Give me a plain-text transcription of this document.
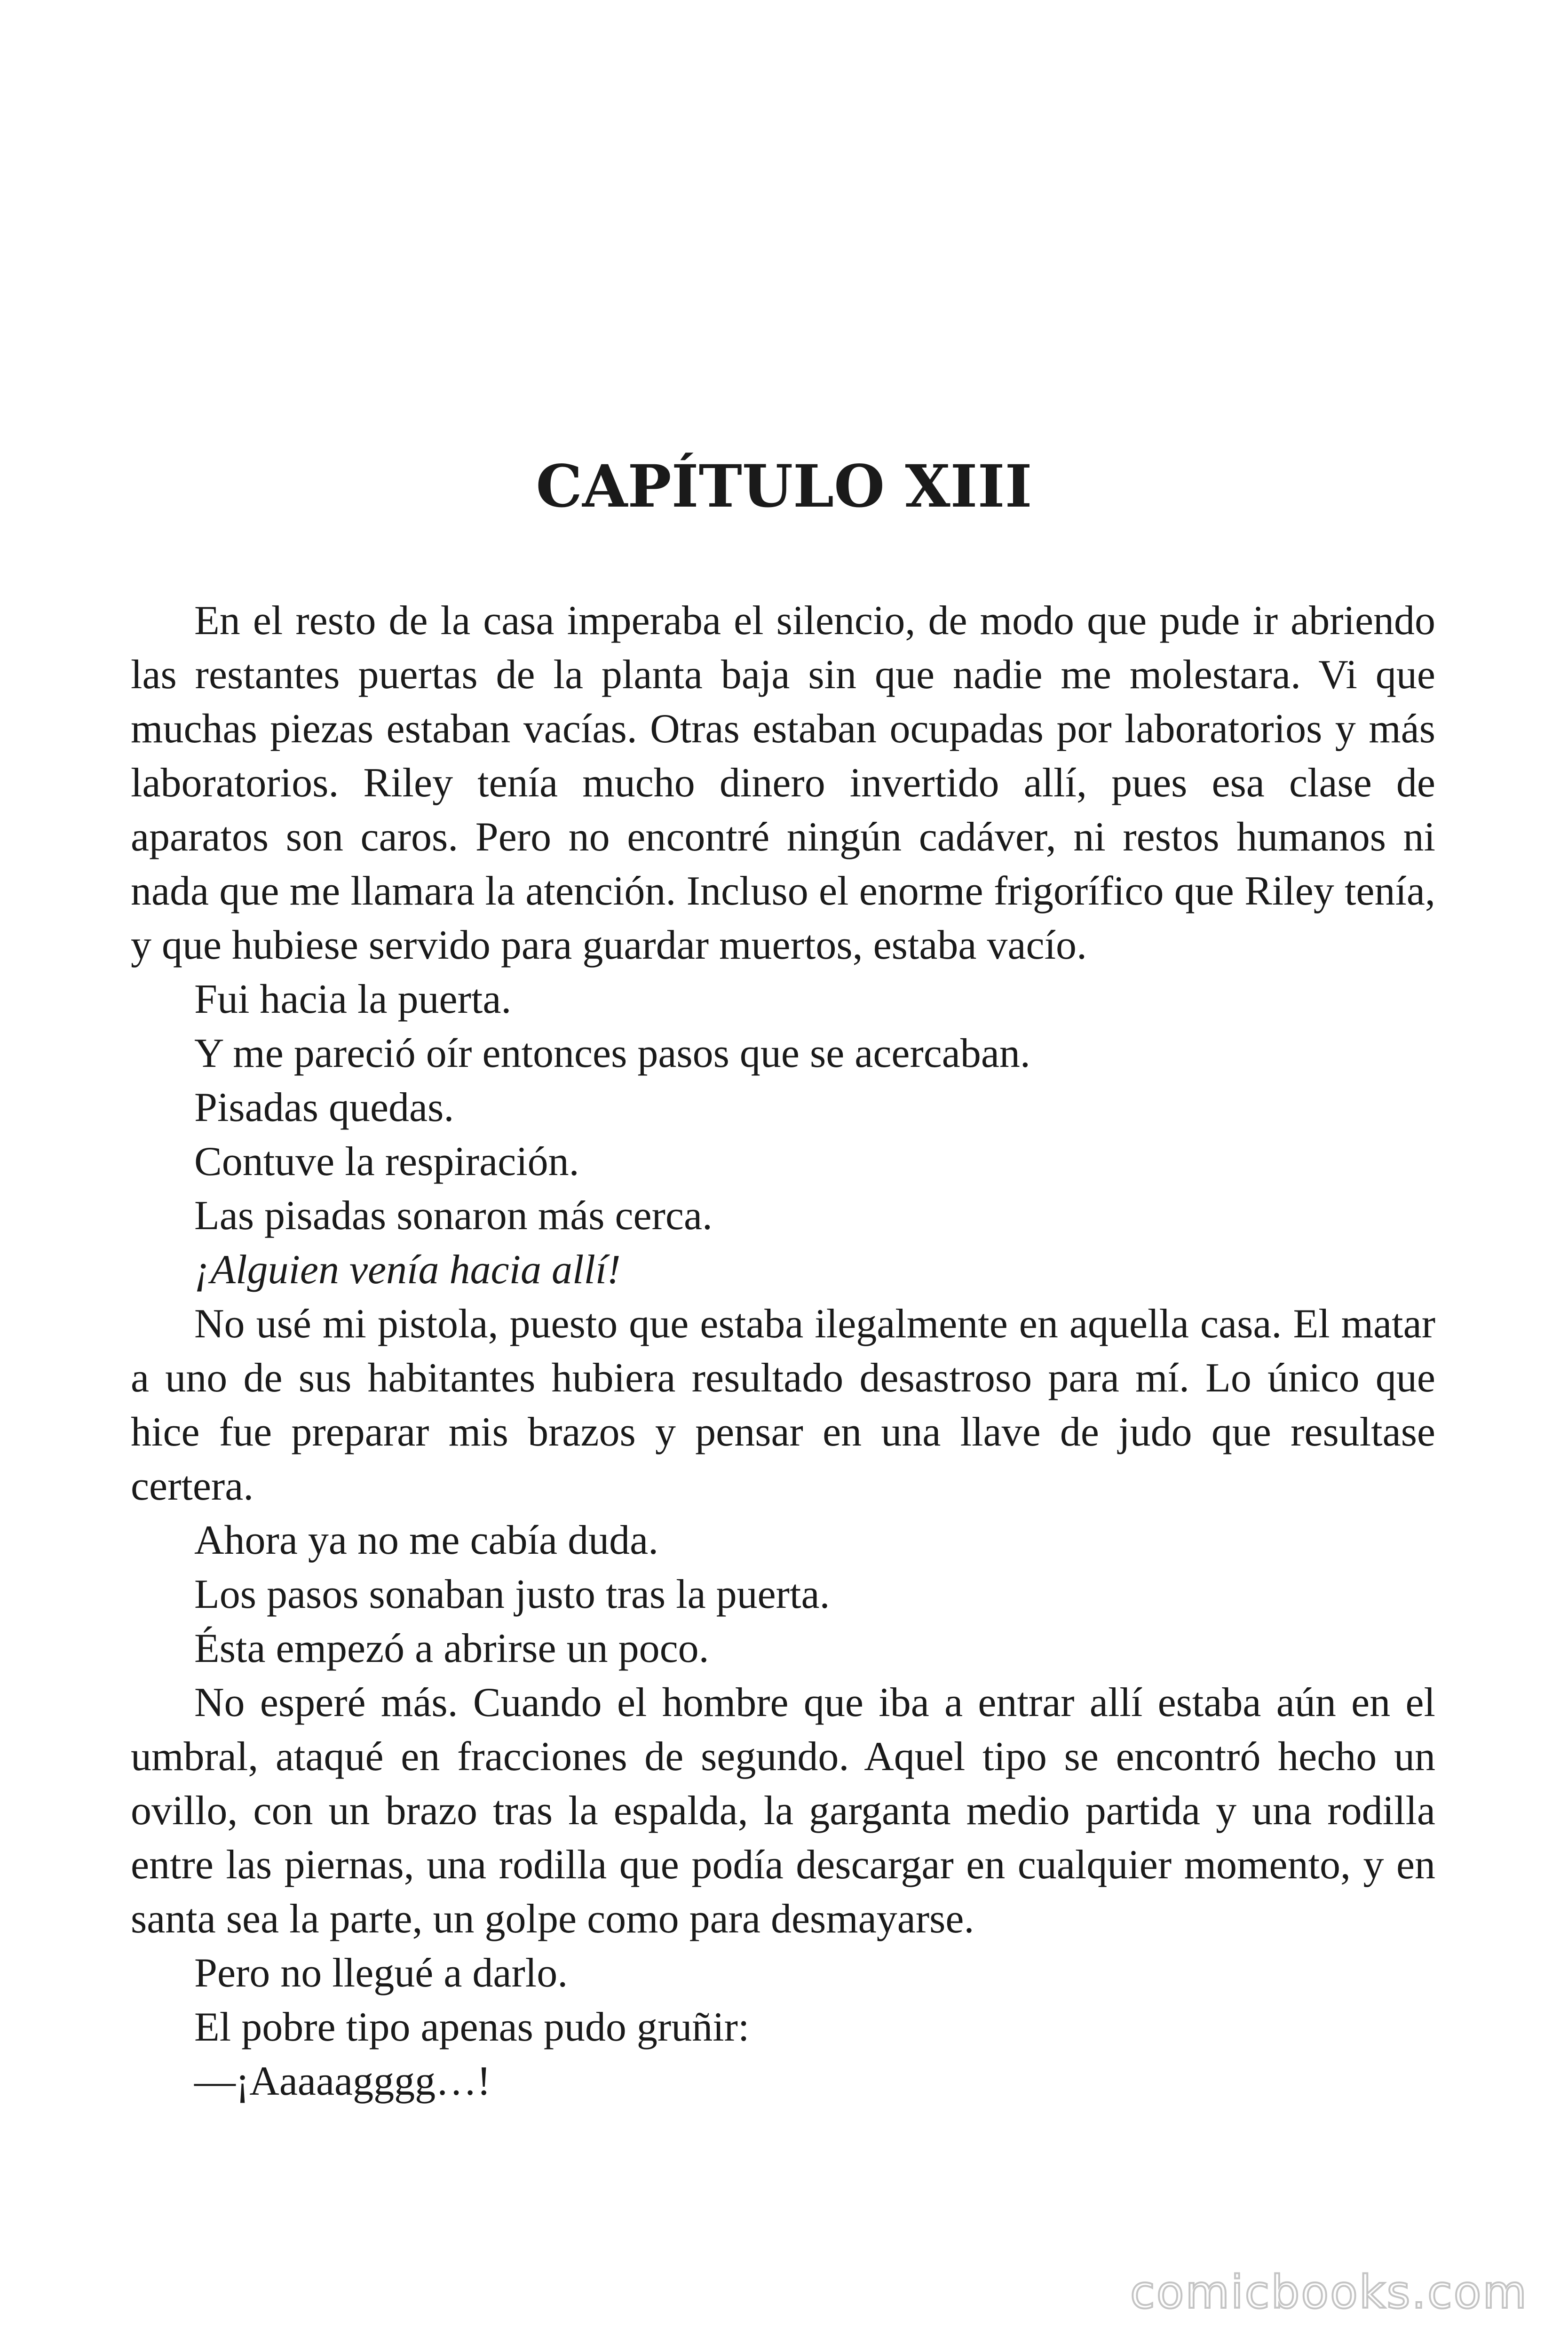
CAPÍTULO XIII

En el resto de la casa imperaba el silencio, de modo que pude ir abriendo las restantes puertas de la planta baja sin que nadie me molestara. Vi que muchas piezas estaban vacías. Otras estaban ocupadas por laboratorios y más laboratorios. Riley tenía mucho dinero invertido allí, pues esa clase de aparatos son caros. Pero no encontré ningún cadáver, ni restos humanos ni nada que me llamara la atención. Incluso el enorme frigorífico que Riley tenía, y que hubiese servido para guardar muertos, estaba vacío.

Fui hacia la puerta.

Y me pareció oír entonces pasos que se acercaban.

Pisadas quedas.

Contuve la respiración.

Las pisadas sonaron más cerca.

¡Alguien venía hacia allí!

No usé mi pistola, puesto que estaba ilegalmente en aquella casa. El matar a uno de sus habitantes hubiera resultado desastroso para mí. Lo único que hice fue preparar mis brazos y pensar en una llave de judo que resultase certera.

Ahora ya no me cabía duda.

Los pasos sonaban justo tras la puerta.

Ésta empezó a abrirse un poco.

No esperé más. Cuando el hombre que iba a entrar allí estaba aún en el umbral, ataqué en fracciones de segundo. Aquel tipo se encontró hecho un ovillo, con un brazo tras la espalda, la garganta medio partida y una rodilla entre las piernas, una rodilla que podía descargar en cualquier momento, y en santa sea la parte, un golpe como para desmayarse.

Pero no llegué a darlo.

El pobre tipo apenas pudo gruñir:

—¡Aaaaagggg…!

comicbooks.com
